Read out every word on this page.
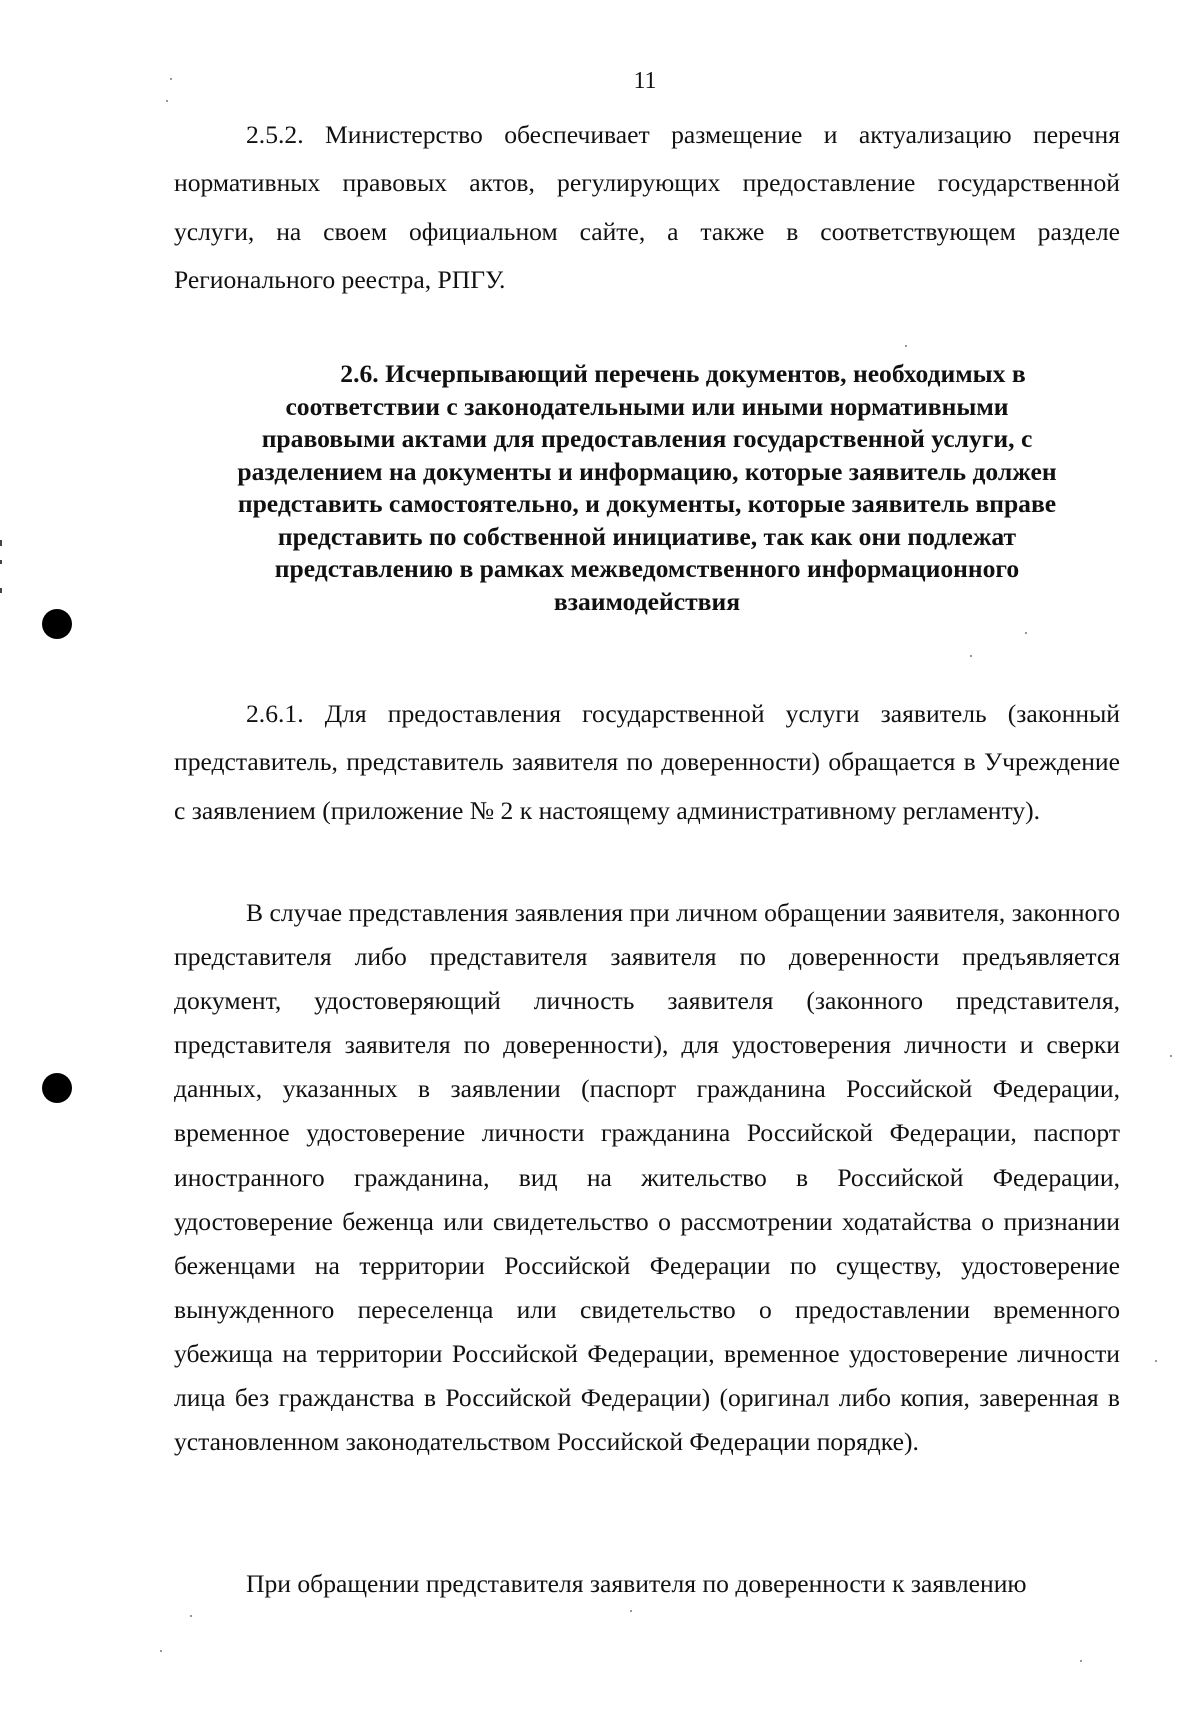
11

2.5.2. Министерство обеспечивает размещение и актуализацию перечня нормативных правовых актов, регулирующих предоставление государственной услуги, на своем официальном сайте, а также в соответствующем разделе Регионального реестра, РПГУ.

2.6. Исчерпывающий перечень документов, необходимых в
соответствии с законодательными или иными нормативными
правовыми актами для предоставления государственной услуги, с
разделением на документы и информацию, которые заявитель должен
представить самостоятельно, и документы, которые заявитель вправе
представить по собственной инициативе, так как они подлежат
представлению в рамках межведомственного информационного
взаимодействия

2.6.1. Для предоставления государственной услуги заявитель (законный представитель, представитель заявителя по доверенности) обращается в Учреждение с заявлением (приложение № 2 к настоящему административному регламенту).

В случае представления заявления при личном обращении заявителя, законного представителя либо представителя заявителя по доверенности предъявляется документ, удостоверяющий личность заявителя (законного представителя, представителя заявителя по доверенности), для удостоверения личности и сверки данных, указанных в заявлении (паспорт гражданина Российской Федерации, временное удостоверение личности гражданина Российской Федерации, паспорт иностранного гражданина, вид на жительство в Российской Федерации, удостоверение беженца или свидетельство о рассмотрении ходатайства о признании беженцами на территории Российской Федерации по существу, удостоверение вынужденного переселенца или свидетельство о предоставлении временного убежища на территории Российской Федерации, временное удостоверение личности лица без гражданства в Российской Федерации) (оригинал либо копия, заверенная в установленном законодательством Российской Федерации порядке).

При обращении представителя заявителя по доверенности к заявлению
